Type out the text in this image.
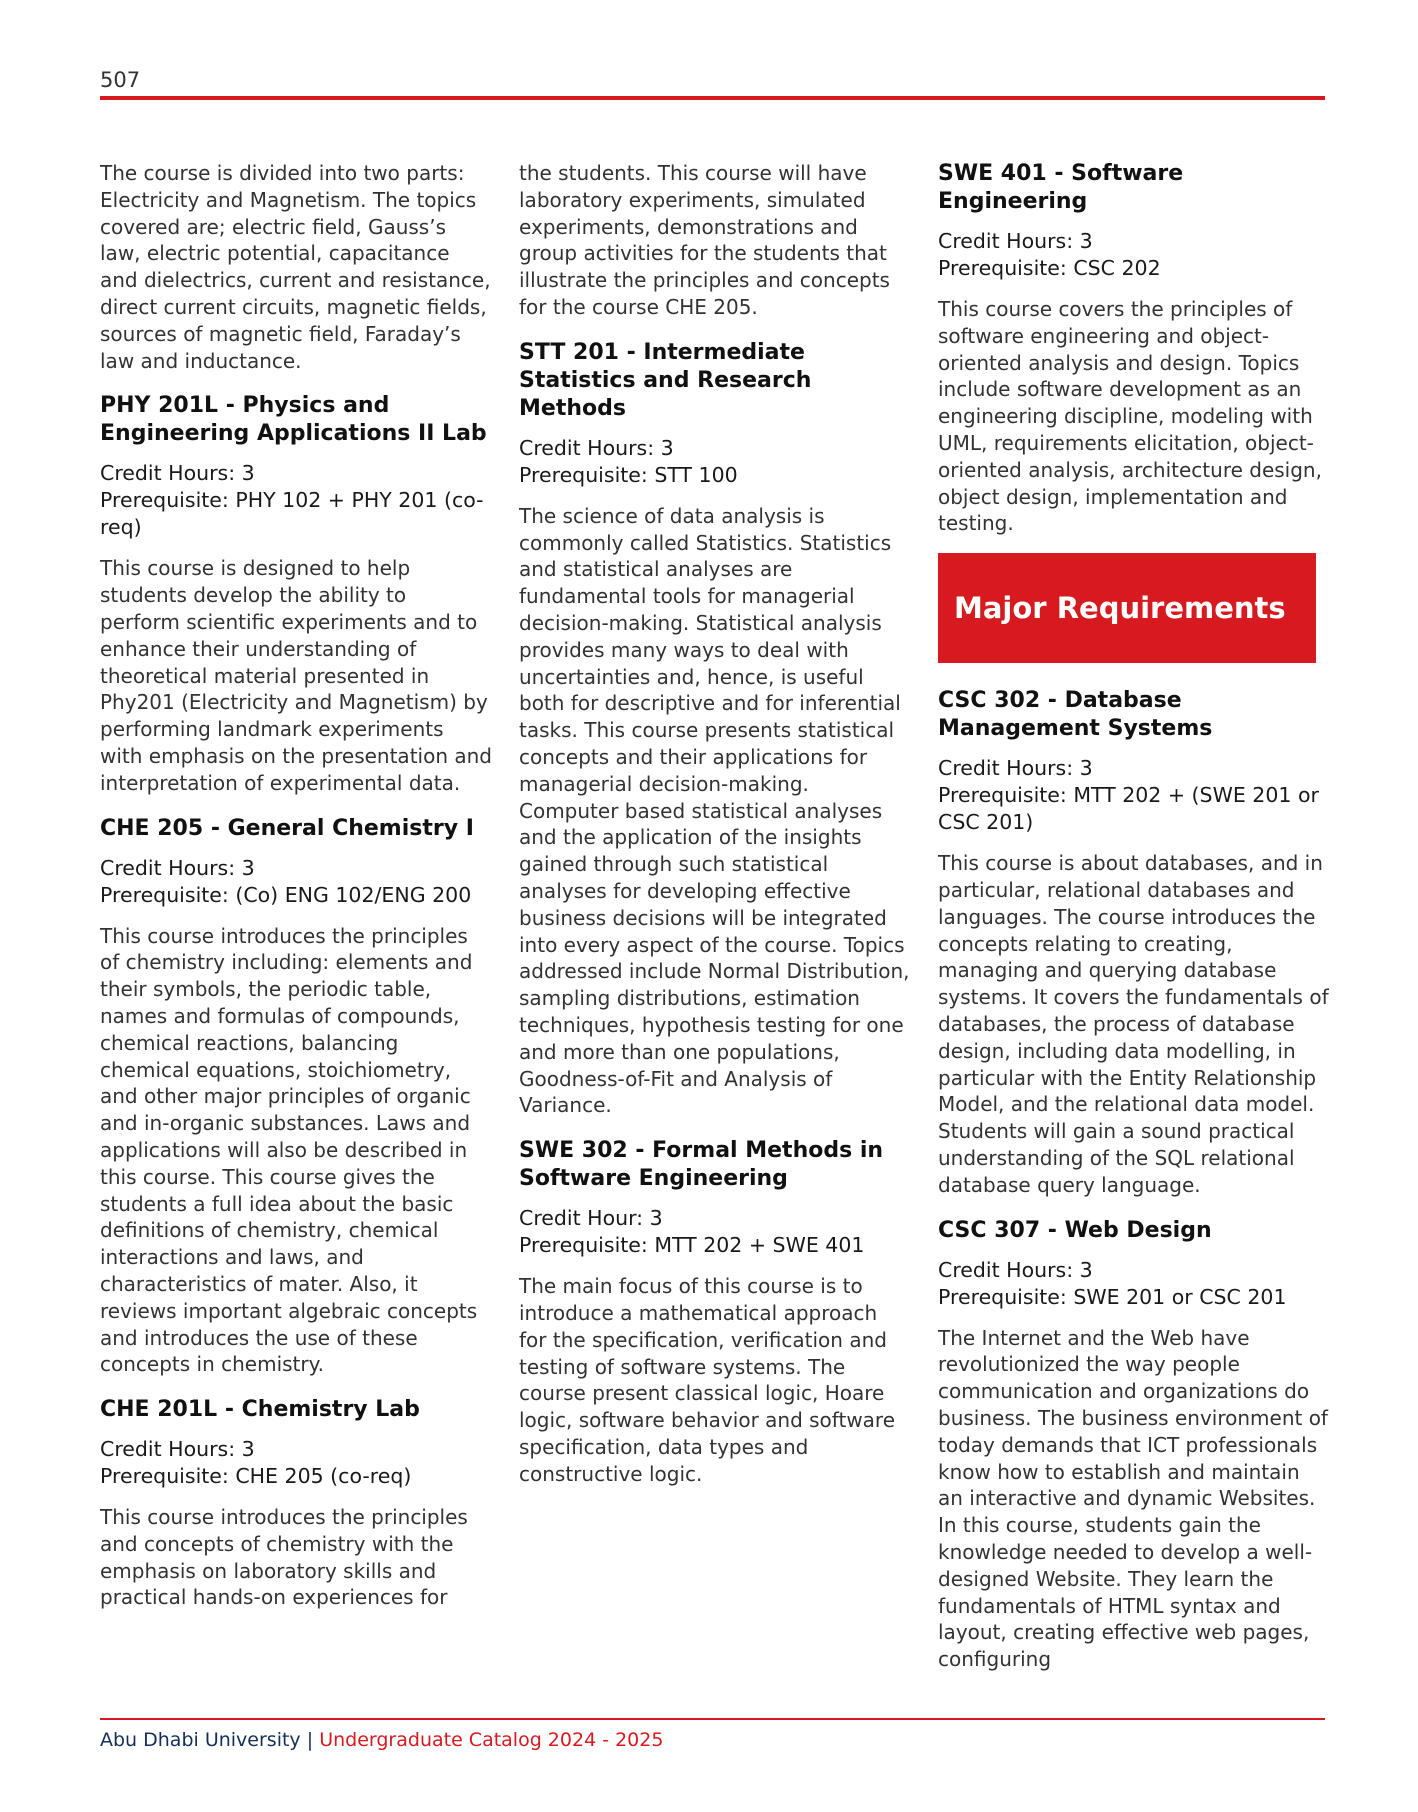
507

The course is divided into two parts: Electricity and Magnetism. The topics covered are; electric field, Gauss’s law, electric potential, capacitance and dielectrics, current and resistance, direct current circuits, magnetic fields, sources of magnetic field, Faraday’s law and inductance.

PHY 201L - Physics and Engineering Applications II Lab
Credit Hours: 3
Prerequisite: PHY 102 + PHY 201 (co-req)

This course is designed to help students develop the ability to perform scientific experiments and to enhance their understanding of theoretical material presented in Phy201 (Electricity and Magnetism) by performing landmark experiments with emphasis on the presentation and interpretation of experimental data.

CHE 205 - General Chemistry I
Credit Hours: 3
Prerequisite: (Co) ENG 102/ENG 200

This course introduces the principles of chemistry including: elements and their symbols, the periodic table, names and formulas of compounds, chemical reactions, balancing chemical equations, stoichiometry, and other major principles of organic and in-organic substances. Laws and applications will also be described in this course. This course gives the students a full idea about the basic definitions of chemistry, chemical interactions and laws, and characteristics of mater. Also, it reviews important algebraic concepts and introduces the use of these concepts in chemistry.

CHE 201L - Chemistry Lab
Credit Hours: 3
Prerequisite: CHE 205 (co-req)

This course introduces the principles and concepts of chemistry with the emphasis on laboratory skills and practical hands-on experiences for

the students. This course will have laboratory experiments, simulated experiments, demonstrations and group activities for the students that illustrate the principles and concepts for the course CHE 205.

STT 201 - Intermediate Statistics and Research Methods
Credit Hours: 3
Prerequisite: STT 100

The science of data analysis is commonly called Statistics. Statistics and statistical analyses are fundamental tools for managerial decision-making. Statistical analysis provides many ways to deal with uncertainties and, hence, is useful both for descriptive and for inferential tasks. This course presents statistical concepts and their applications for managerial decision-making. Computer based statistical analyses and the application of the insights gained through such statistical analyses for developing effective business decisions will be integrated into every aspect of the course. Topics addressed include Normal Distribution, sampling distributions, estimation techniques, hypothesis testing for one and more than one populations, Goodness-of-Fit and Analysis of Variance.

SWE 302 - Formal Methods in Software Engineering
Credit Hour: 3
Prerequisite: MTT 202 + SWE 401

The main focus of this course is to introduce a mathematical approach for the specification, verification and testing of software systems. The course present classical logic, Hoare logic, software behavior and software specification, data types and constructive logic.

SWE 401 - Software Engineering
Credit Hours: 3
Prerequisite: CSC 202

This course covers the principles of software engineering and object-oriented analysis and design. Topics include software development as an engineering discipline, modeling with UML, requirements elicitation, object-oriented analysis, architecture design, object design, implementation and testing.

Major Requirements
CSC 302 - Database Management Systems
Credit Hours: 3
Prerequisite: MTT 202 + (SWE 201 or CSC 201)

This course is about databases, and in particular, relational databases and languages. The course introduces the concepts relating to creating, managing and querying database systems. It covers the fundamentals of databases, the process of database design, including data modelling, in particular with the Entity Relationship Model, and the relational data model. Students will gain a sound practical understanding of the SQL relational database query language.

CSC 307 - Web Design
Credit Hours: 3
Prerequisite: SWE 201 or CSC 201

The Internet and the Web have revolutionized the way people communication and organizations do business. The business environment of today demands that ICT professionals know how to establish and maintain an interactive and dynamic Websites. In this course, students gain the knowledge needed to develop a well-designed Website. They learn the fundamentals of HTML syntax and layout, creating effective web pages, configuring

Abu Dhabi University | Undergraduate Catalog 2024 - 2025
